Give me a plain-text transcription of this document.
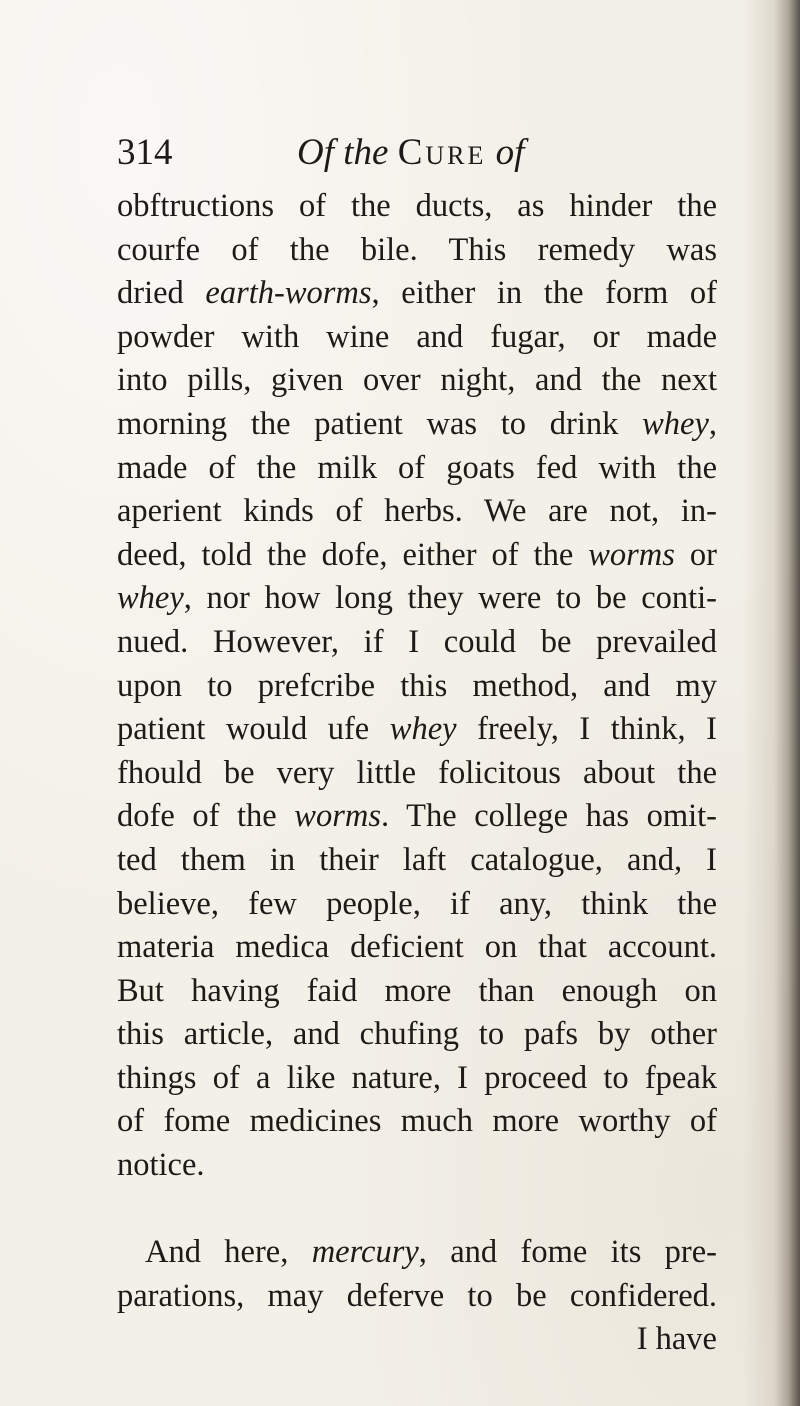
314	Of the Cure of
obftructions of the ducts, as hinder the
courfe of the bile. This remedy was
dried earth-worms, either in the form of
powder with wine and fugar, or made
into pills, given over night, and the next
morning the patient was to drink whey,
made of the milk of goats fed with the
aperient kinds of herbs. We are not, in-
deed, told the dofe, either of the worms or
whey, nor how long they were to be conti-
nued. However, if I could be prevailed
upon to prefcribe this method, and my
patient would ufe whey freely, I think, I
fhould be very little folicitous about the
dofe of the worms. The college has omit-
ted them in their laft catalogue, and, I
believe, few people, if any, think the
materia medica deficient on that account.
But having faid more than enough on
this article, and chufing to pafs by other
things of a like nature, I proceed to fpeak
of fome medicines much more worthy of
notice.
And here, mercury, and fome its pre-
parations, may deferve to be confidered.
I have
